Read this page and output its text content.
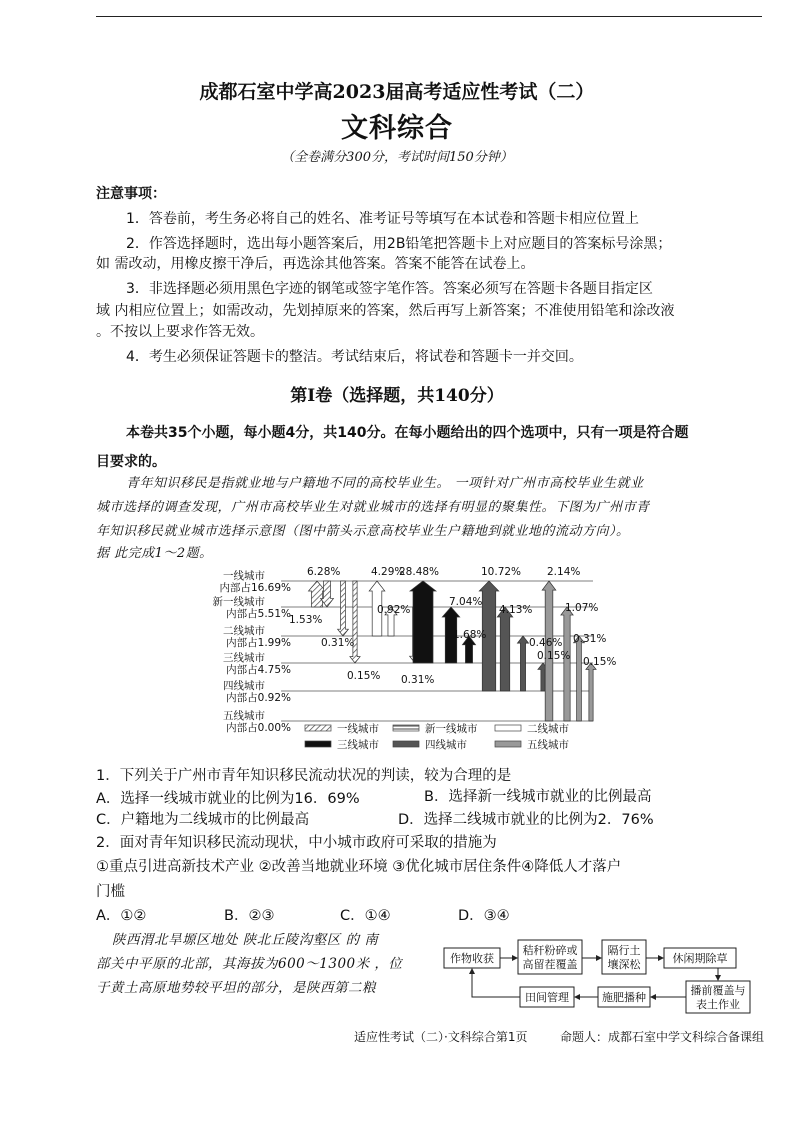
成都石室中学高2023届高考适应性考试（二）
文科综合
（全卷满分300分，考试时间150分钟）
注意事项：
1．答卷前，考生务必将自己的姓名、准考证号等填写在本试卷和答题卡相应位置上
2．作答选择题时，选出每小题答案后，用2B铅笔把答题卡上对应题目的答案标号涂黑；
如 需改动，用橡皮擦干净后，再选涂其他答案。答案不能答在试卷上。
3．非选择题必须用黑色字迹的钢笔或签字笔作答。答案必须写在答题卡各题目指定区
域 内相应位置上；如需改动，先划掉原来的答案，然后再写上新答案；不准使用铅笔和涂改液
。不按以上要求作答无效。
4．考生必须保证答题卡的整洁。考试结束后，将试卷和答题卡一并交回。
第Ⅰ卷（选择题，共140分）
本卷共35个小题，每小题4分，共140分。在每小题给出的四个选项中，只有一项是符合题
目要求的。
青年知识移民是指就业地与户籍地不同的高校毕业生。 一项针对广州市高校毕业生就业
城市选择的调查发现，广州市高校毕业生对就业城市的选择有明显的聚集性。下图为广州市青
年知识移民就业城市选择示意图（图中箭头示意高校毕业生户籍地到就业地的流动方向）。
据 此完成1～2题。
一线城市
内部占16.69%
新一线城市
内部占5.51%
二线城市
内部占1.99%
三线城市
内部占4.75%
四线城市
内部占0.92%
五线城市
内部占0.00%
6.28%
1.53%
0.31%
0.15%
4.29%
0.92%
0.31%
28.48%
7.04%
1.68%
10.72%
4.13%
0.46%
0.15%
2.14%
1.07%
0.31%
0.15%
一线城市	新一线城市	二线城市
三线城市	四线城市	五线城市
1．下列关于广州市青年知识移民流动状况的判读，较为合理的是
A．选择一线城市就业的比例为16．69%	B．选择新一线城市就业的比例最高
C．户籍地为二线城市的比例最高	D．选择二线城市就业的比例为2．76%
2．面对青年知识移民流动现状，中小城市政府可采取的措施为
①重点引进高新技术产业 ②改善当地就业环境 ③优化城市居住条件④降低人才落户
门槛
A．①②	B．②③	C．①④	D．③④
陕西渭北旱塬区地处 陕北丘陵沟壑区 的 南
部关中平原的北部，其海拔为600～1300米 ，位
于黄土高原地势较平坦的部分，是陕西第二粮
作物收获
秸秆粉碎或
高留茬覆盖
隔行土
壤深松	休闲期除草
播前覆盖与
表土作业
施肥播种
田间管理
适应性考试（二）·文科综合第1页	命题人：成都石室中学文科综合备课组
